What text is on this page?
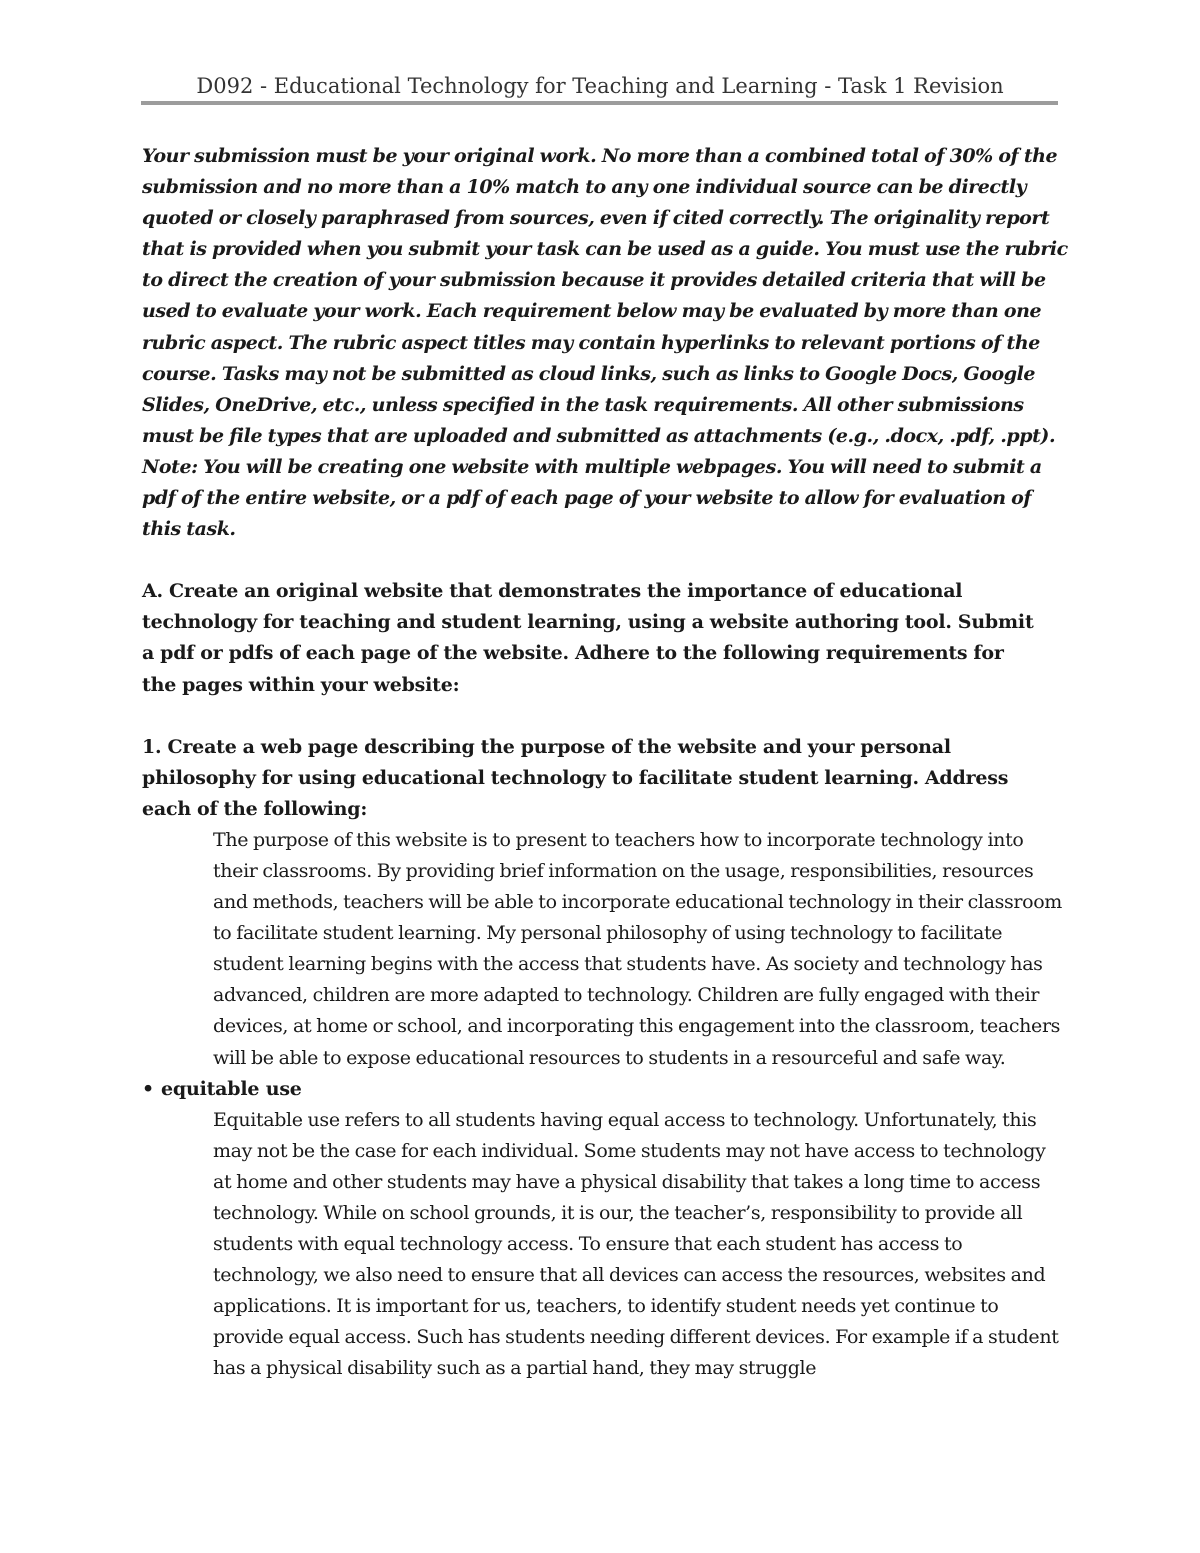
D092 - Educational Technology for Teaching and Learning - Task 1 Revision

Your submission must be your original work. No more than a combined total of 30% of the submission and no more than a 10% match to any one individual source can be directly quoted or closely paraphrased from sources, even if cited correctly. The originality report that is provided when you submit your task can be used as a guide. You must use the rubric to direct the creation of your submission because it provides detailed criteria that will be used to evaluate your work. Each requirement below may be evaluated by more than one rubric aspect. The rubric aspect titles may contain hyperlinks to relevant portions of the course. Tasks may not be submitted as cloud links, such as links to Google Docs, Google Slides, OneDrive, etc., unless specified in the task requirements. All other submissions must be file types that are uploaded and submitted as attachments (e.g., .docx, .pdf, .ppt). Note: You will be creating one website with multiple webpages. You will need to submit a pdf of the entire website, or a pdf of each page of your website to allow for evaluation of this task.

A. Create an original website that demonstrates the importance of educational technology for teaching and student learning, using a website authoring tool. Submit a pdf or pdfs of each page of the website. Adhere to the following requirements for the pages within your website:

1. Create a web page describing the purpose of the website and your personal philosophy for using educational technology to facilitate student learning. Address each of the following:

The purpose of this website is to present to teachers how to incorporate technology into their classrooms. By providing brief information on the usage, responsibilities, resources and methods, teachers will be able to incorporate educational technology in their classroom to facilitate student learning. My personal philosophy of using technology to facilitate student learning begins with the access that students have. As society and technology has advanced, children are more adapted to technology. Children are fully engaged with their devices, at home or school, and incorporating this engagement into the classroom, teachers will be able to expose educational resources to students in a resourceful and safe way.

• equitable use

Equitable use refers to all students having equal access to technology. Unfortunately, this may not be the case for each individual. Some students may not have access to technology at home and other students may have a physical disability that takes a long time to access technology. While on school grounds, it is our, the teacher’s, responsibility to provide all students with equal technology access. To ensure that each student has access to technology, we also need to ensure that all devices can access the resources, websites and applications. It is important for us, teachers, to identify student needs yet continue to provide equal access. Such has students needing different devices. For example if a student has a physical disability such as a partial hand, they may struggle
